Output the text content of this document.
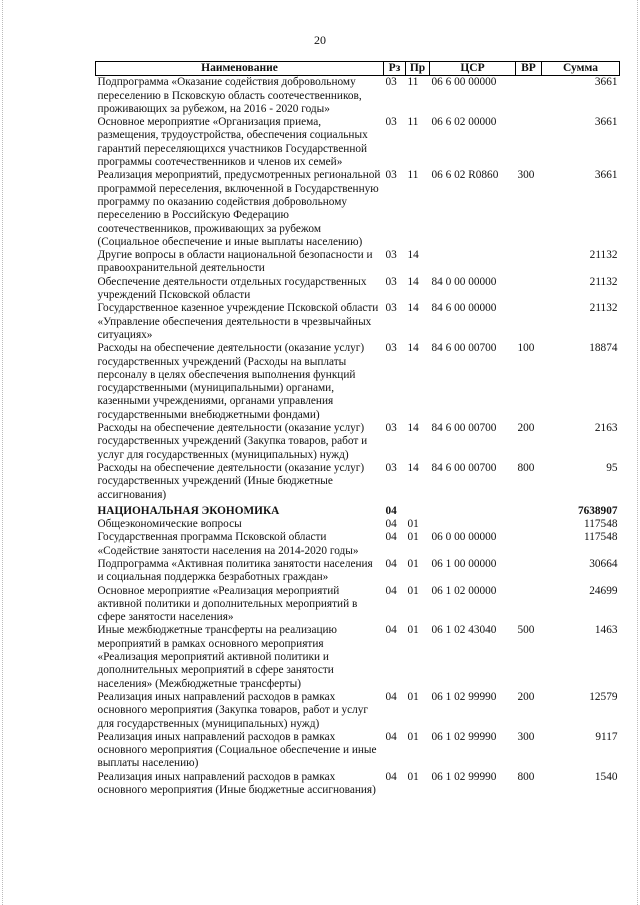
20
Наименование	Рз	Пр	ЦСР	ВР	Сумма
Подпрограмма «Оказание содействия добровольному переселению в Псковскую область соотечественников, проживающих за рубежом, на 2016 - 2020 годы»	03	11	06 6 00 00000		3661
Основное мероприятие «Организация приема, размещения, трудоустройства, обеспечения социальных гарантий переселяющихся участников Государственной программы соотечественников и членов их семей»	03	11	06 6 02 00000		3661
Реализация мероприятий, предусмотренных региональной программой переселения, включенной в Государственную программу по оказанию содействия добровольному переселению в Российскую Федерацию соотечественников, проживающих за рубежом (Социальное обеспечение и иные выплаты населению)	03	11	06 6 02 R0860	300	3661
Другие вопросы в области национальной безопасности и правоохранительной деятельности	03	14			21132
Обеспечение деятельности отдельных государственных учреждений Псковской области	03	14	84 0 00 00000		21132
Государственное казенное учреждение Псковской области «Управление обеспечения деятельности в чрезвычайных ситуациях»	03	14	84 6 00 00000		21132
Расходы на обеспечение деятельности (оказание услуг) государственных учреждений (Расходы на выплаты персоналу в целях обеспечения выполнения функций государственными (муниципальными) органами, казенными учреждениями, органами управления государственными внебюджетными фондами)	03	14	84 6 00 00700	100	18874
Расходы на обеспечение деятельности (оказание услуг) государственных учреждений (Закупка товаров, работ и услуг для государственных (муниципальных) нужд)	03	14	84 6 00 00700	200	2163
Расходы на обеспечение деятельности (оказание услуг) государственных учреждений (Иные бюджетные ассигнования)	03	14	84 6 00 00700	800	95
НАЦИОНАЛЬНАЯ ЭКОНОМИКА	04				7638907
Общеэкономические вопросы	04	01			117548
Государственная программа Псковской области «Содействие занятости населения на 2014-2020 годы»	04	01	06 0 00 00000		117548
Подпрограмма «Активная политика занятости населения и социальная поддержка безработных граждан»	04	01	06 1 00 00000		30664
Основное мероприятие «Реализация мероприятий активной политики и дополнительных мероприятий в сфере занятости населения»	04	01	06 1 02 00000		24699
Иные межбюджетные трансферты на реализацию мероприятий в рамках основного мероприятия «Реализация мероприятий активной политики и дополнительных мероприятий в сфере занятости населения» (Межбюджетные трансферты)	04	01	06 1 02 43040	500	1463
Реализация иных направлений расходов в рамках основного мероприятия (Закупка товаров, работ и услуг для государственных (муниципальных) нужд)	04	01	06 1 02 99990	200	12579
Реализация иных направлений расходов в рамках основного мероприятия (Социальное обеспечение и иные выплаты населению)	04	01	06 1 02 99990	300	9117
Реализация иных направлений расходов в рамках основного мероприятия (Иные бюджетные ассигнования)	04	01	06 1 02 99990	800	1540
